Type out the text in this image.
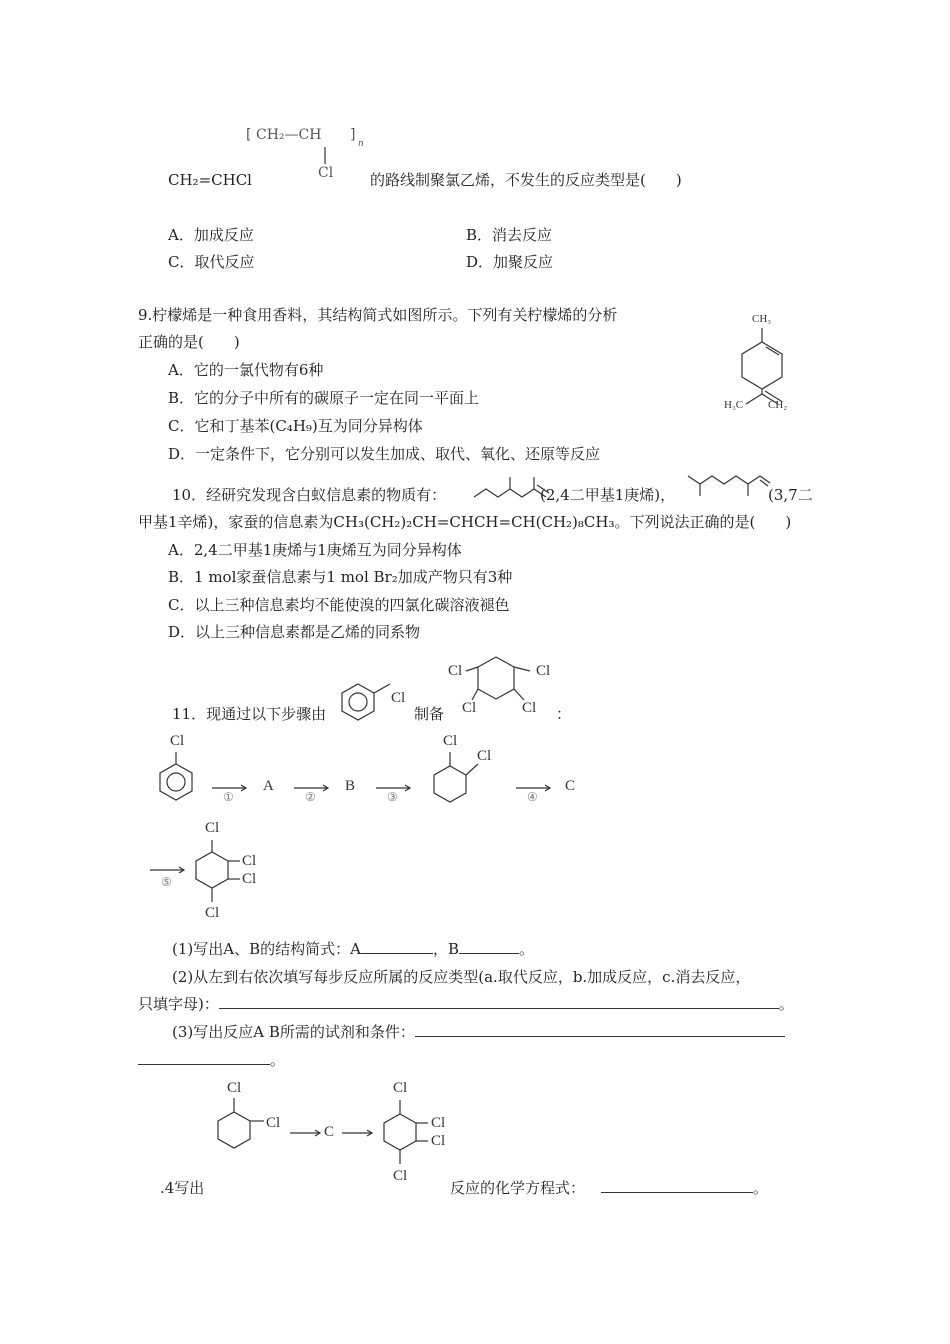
[ CH₂—CH ]
n
Cl
CH₂=CHCl	的路线制聚氯乙烯，不发生的反应类型是(　　)
A．加成反应	B．消去反应
C．取代反应	D．加聚反应
9.柠檬烯是一种食用香料，其结构简式如图所示。下列有关柠檬烯的分析
正确的是(　　)
A．它的一氯代物有6种
B．它的分子中所有的碳原子一定在同一平面上
C．它和丁基苯(C₄H₉)互为同分异构体
D．一定条件下，它分别可以发生加成、取代、氧化、还原等反应
CH₃
H₃C CH₂
10．经研究发现含白蚁信息素的物质有：	(2,4二甲基1庚烯)，	(3,7二
甲基1辛烯)，家蚕的信息素为CH₃(CH₂)₂CH=CHCH=CH(CH₂)₈CH₃。下列说法正确的是(　　)
A．2,4二甲基1庚烯与1庚烯互为同分异构体
B．1 mol家蚕信息素与1 mol Br₂加成产物只有3种
C．以上三种信息素均不能使溴的四氯化碳溶液褪色
D．以上三种信息素都是乙烯的同系物
11．现通过以下步骤由
Cl
制备
Cl	Cl
Cl	Cl ：
Cl
①
A
②
B
③
Cl
Cl
④
C
⑤
Cl
Cl
Cl
Cl
(1)写出A、B的结构简式：A	，B	。
(2)从左到右依次填写每步反应所属的反应类型(a.取代反应，b.加成反应，c.消去反应，
只填字母)：	。
(3)写出反应A B所需的试剂和条件：
。
Cl
Cl
C
Cl
Cl
Cl
Cl
.4写出	反应的化学方程式：	。
